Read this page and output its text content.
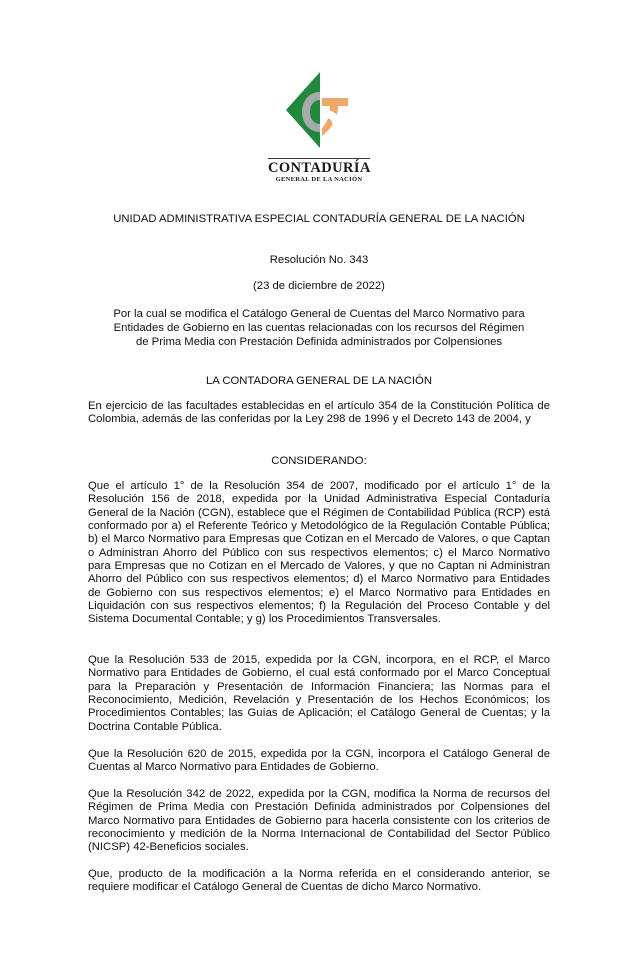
CONTADURÍA
GENERAL DE LA NACIÓN
UNIDAD ADMINISTRATIVA ESPECIAL CONTADURÍA GENERAL DE LA NACIÓN
Resolución No. 343
(23 de diciembre de 2022)
Por la cual se modifica el Catálogo General de Cuentas del Marco Normativo para
Entidades de Gobierno en las cuentas relacionadas con los recursos del Régimen
de Prima Media con Prestación Definida administrados por Colpensiones
LA CONTADORA GENERAL DE LA NACIÓN
En ejercicio de las facultades establecidas en el artículo 354 de la Constitución Política de Colombia, además de las conferidas por la Ley 298 de 1996 y el Decreto 143 de 2004, y
CONSIDERANDO:
Que el artículo 1° de la Resolución 354 de 2007, modificado por el artículo 1° de la Resolución 156 de 2018, expedida por la Unidad Administrativa Especial Contaduría General de la Nación (CGN), establece que el Régimen de Contabilidad Pública (RCP) está conformado por a) el Referente Teórico y Metodológico de la Regulación Contable Pública; b) el Marco Normativo para Empresas que Cotizan en el Mercado de Valores, o que Captan o Administran Ahorro del Público con sus respectivos elementos; c) el Marco Normativo para Empresas que no Cotizan en el Mercado de Valores, y que no Captan ni Administran Ahorro del Público con sus respectivos elementos; d) el Marco Normativo para Entidades de Gobierno con sus respectivos elementos; e) el Marco Normativo para Entidades en Liquidación con sus respectivos elementos; f) la Regulación del Proceso Contable y del Sistema Documental Contable; y g) los Procedimientos Transversales.
Que la Resolución 533 de 2015, expedida por la CGN, incorpora, en el RCP, el Marco Normativo para Entidades de Gobierno, el cual está conformado por el Marco Conceptual para la Preparación y Presentación de Información Financiera; las Normas para el Reconocimiento, Medición, Revelación y Presentación de los Hechos Económicos; los Procedimientos Contables; las Guías de Aplicación; el Catálogo General de Cuentas; y la Doctrina Contable Pública.
Que la Resolución 620 de 2015, expedida por la CGN, incorpora el Catálogo General de Cuentas al Marco Normativo para Entidades de Gobierno.
Que la Resolución 342 de 2022, expedida por la CGN, modifica la Norma de recursos del Régimen de Prima Media con Prestación Definida administrados por Colpensiones del Marco Normativo para Entidades de Gobierno para hacerla consistente con los criterios de reconocimiento y medición de la Norma Internacional de Contabilidad del Sector Público (NICSP) 42-Beneficios sociales.
Que, producto de la modificación a la Norma referida en el considerando anterior, se requiere modificar el Catálogo General de Cuentas de dicho Marco Normativo.
